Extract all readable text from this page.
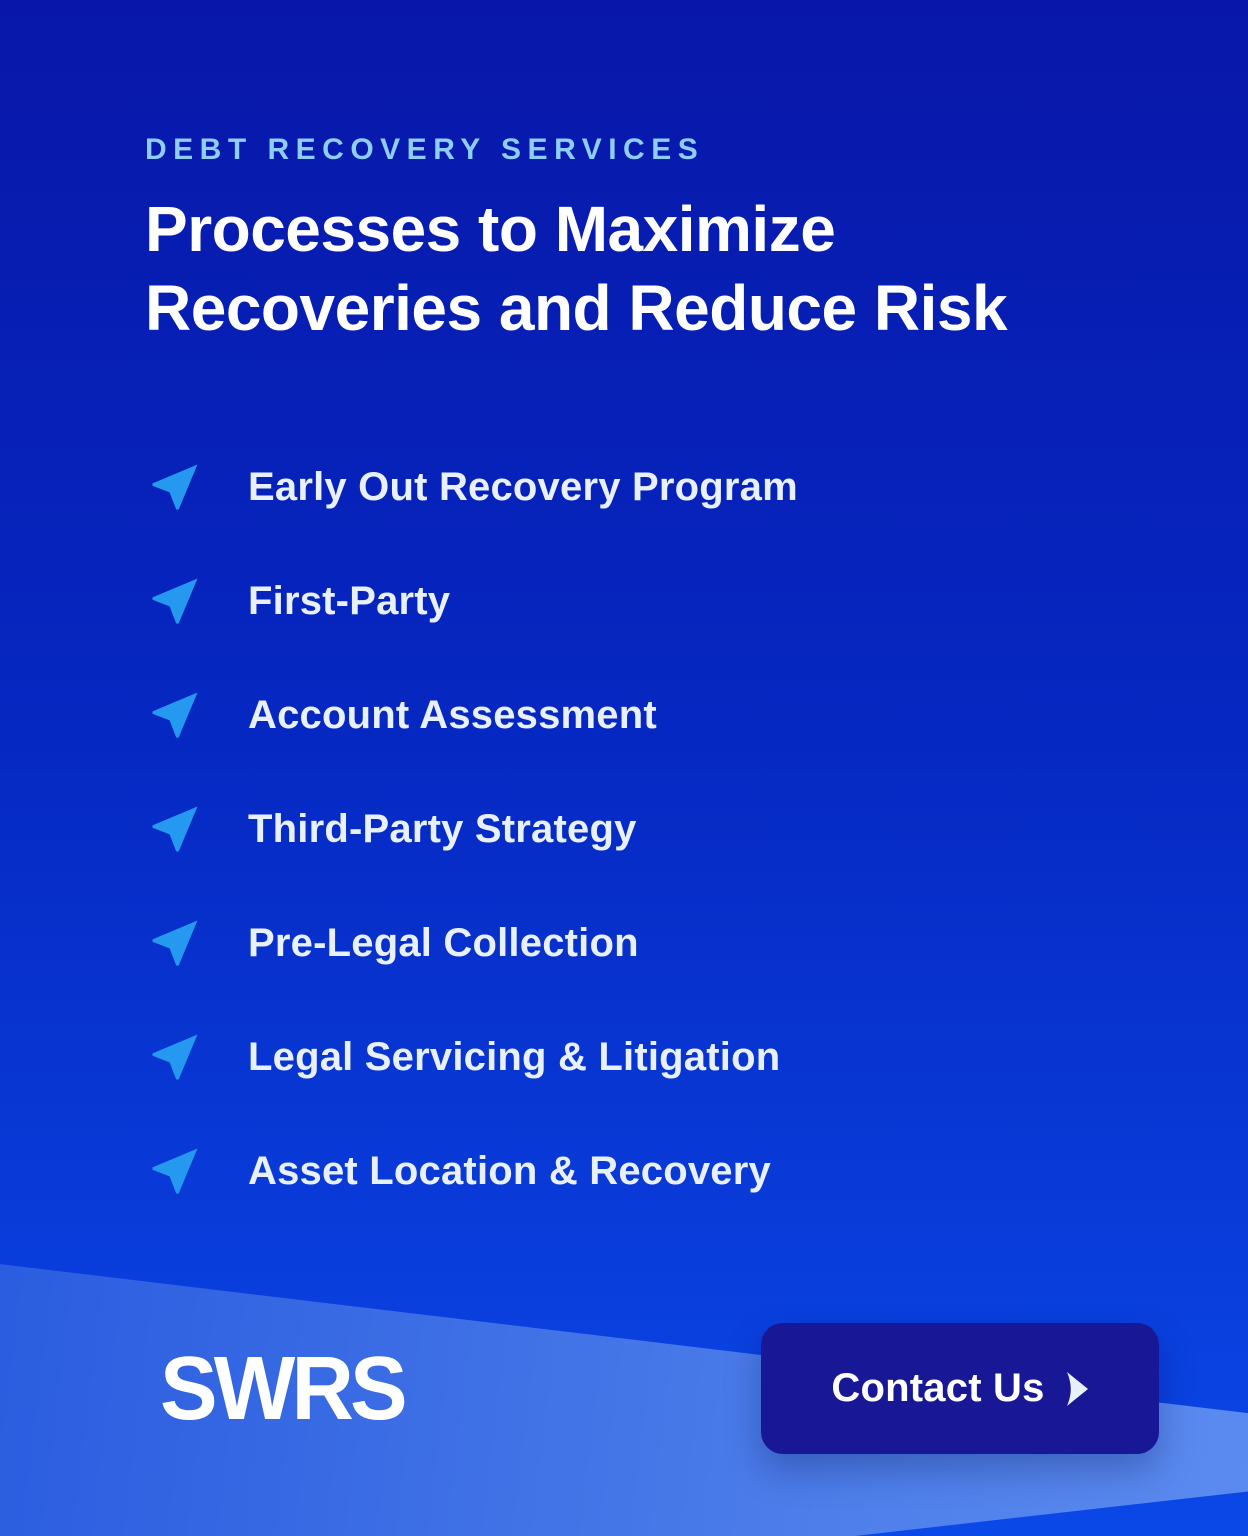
DEBT RECOVERY SERVICES
Processes to Maximize
Recoveries and Reduce Risk
Early Out Recovery Program
First-Party
Account Assessment
Third-Party Strategy
Pre-Legal Collection
Legal Servicing & Litigation
Asset Location & Recovery
SWRS	Contact Us
